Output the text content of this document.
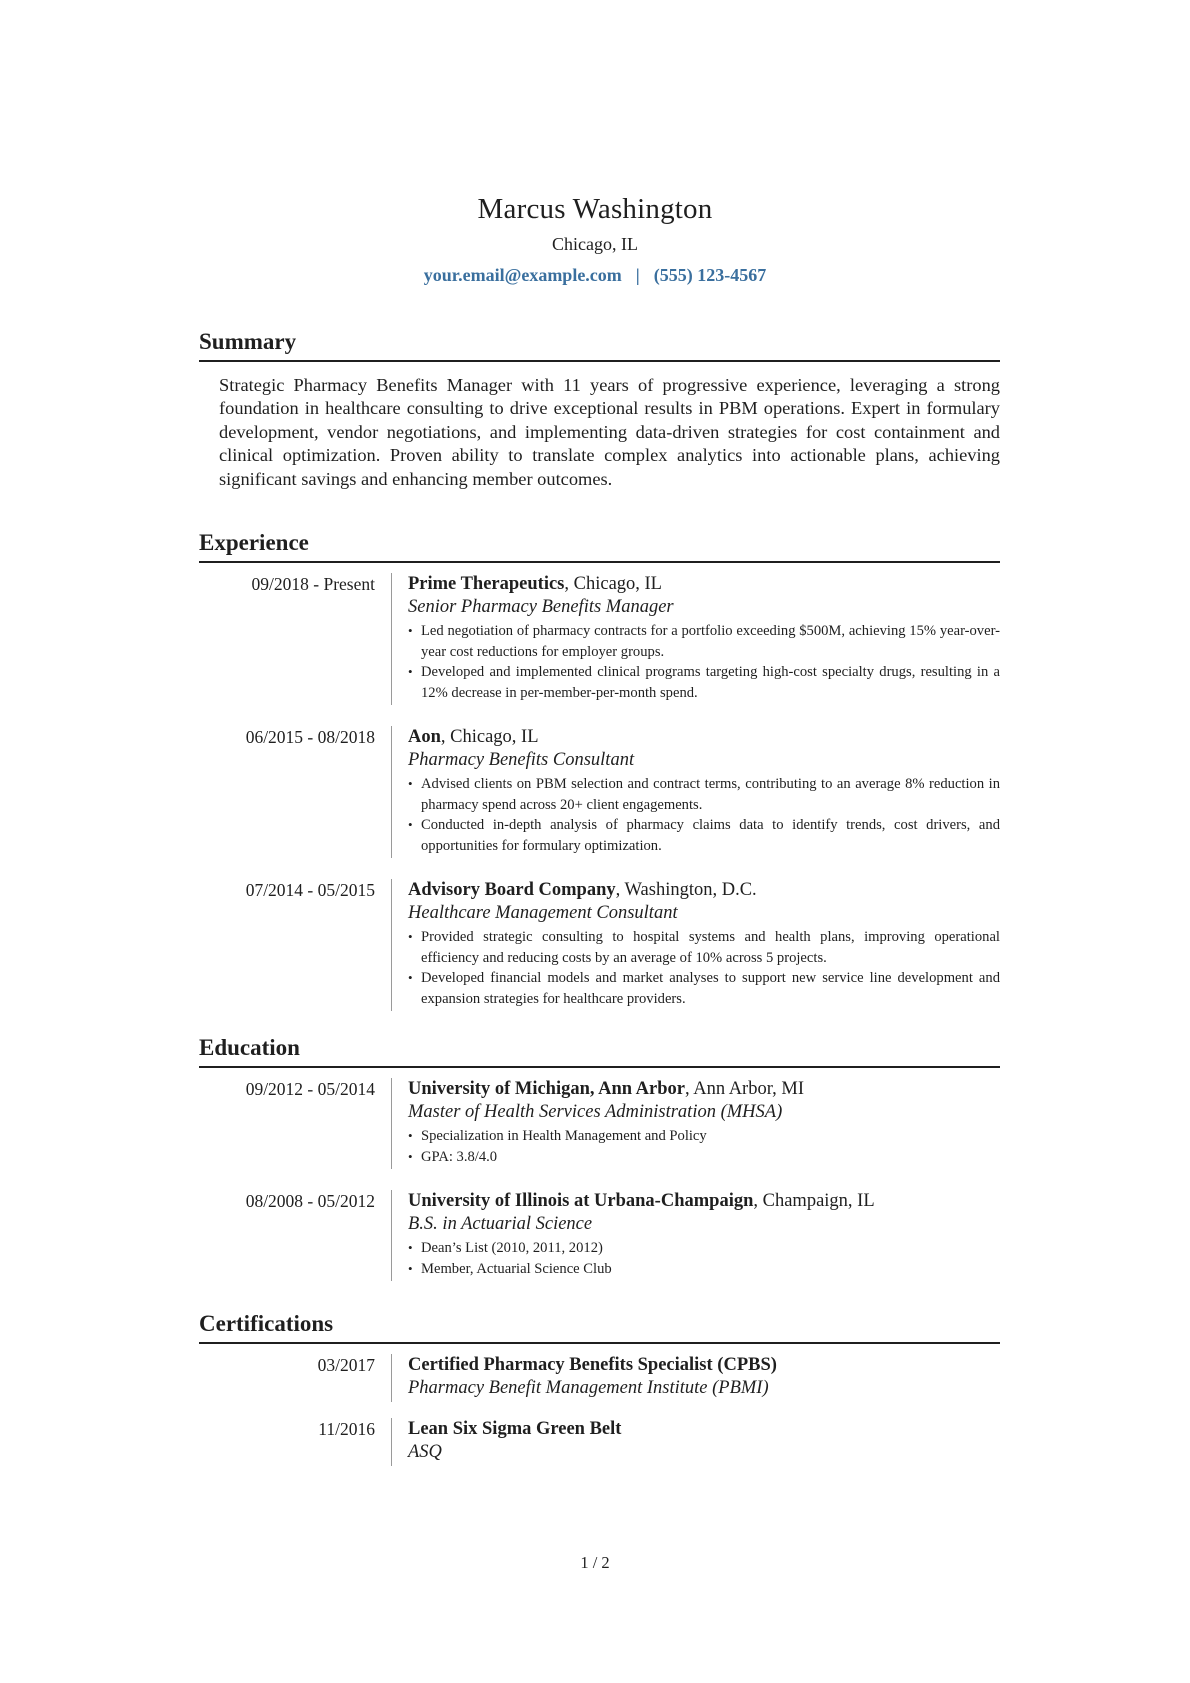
Marcus Washington
Chicago, IL
your.email@example.com | (555) 123-4567
Summary

Strategic Pharmacy Benefits Manager with 11 years of progressive experience, leveraging a strong foundation in healthcare consulting to drive exceptional results in PBM operations. Expert in formulary development, vendor negotiations, and implementing data-driven strategies for cost containment and clinical optimization. Proven ability to translate complex analytics into actionable plans, achieving significant savings and enhancing member outcomes.

Experience
09/2018 - Present Prime Therapeutics, Chicago, IL
Senior Pharmacy Benefits Manager
• Led negotiation of pharmacy contracts for a portfolio exceeding $500M, achieving 15% year-over-year cost reductions for employer groups.
• Developed and implemented clinical programs targeting high-cost specialty drugs, resulting in a 12% decrease in per-member-per-month spend.
06/2015 - 08/2018 Aon, Chicago, IL
Pharmacy Benefits Consultant
• Advised clients on PBM selection and contract terms, contributing to an average 8% reduction in pharmacy spend across 20+ client engagements.
• Conducted in-depth analysis of pharmacy claims data to identify trends, cost drivers, and opportunities for formulary optimization.
07/2014 - 05/2015 Advisory Board Company, Washington, D.C.
Healthcare Management Consultant
• Provided strategic consulting to hospital systems and health plans, improving operational efficiency and reducing costs by an average of 10% across 5 projects.
• Developed financial models and market analyses to support new service line development and expansion strategies for healthcare providers.
Education
09/2012 - 05/2014 University of Michigan, Ann Arbor, Ann Arbor, MI
Master of Health Services Administration (MHSA)
• Specialization in Health Management and Policy
• GPA: 3.8/4.0
08/2008 - 05/2012 University of Illinois at Urbana-Champaign, Champaign, IL
B.S. in Actuarial Science
• Dean’s List (2010, 2011, 2012)
• Member, Actuarial Science Club
Certifications
03/2017 Certified Pharmacy Benefits Specialist (CPBS)
Pharmacy Benefit Management Institute (PBMI)
11/2016 Lean Six Sigma Green Belt
ASQ
1 / 2
